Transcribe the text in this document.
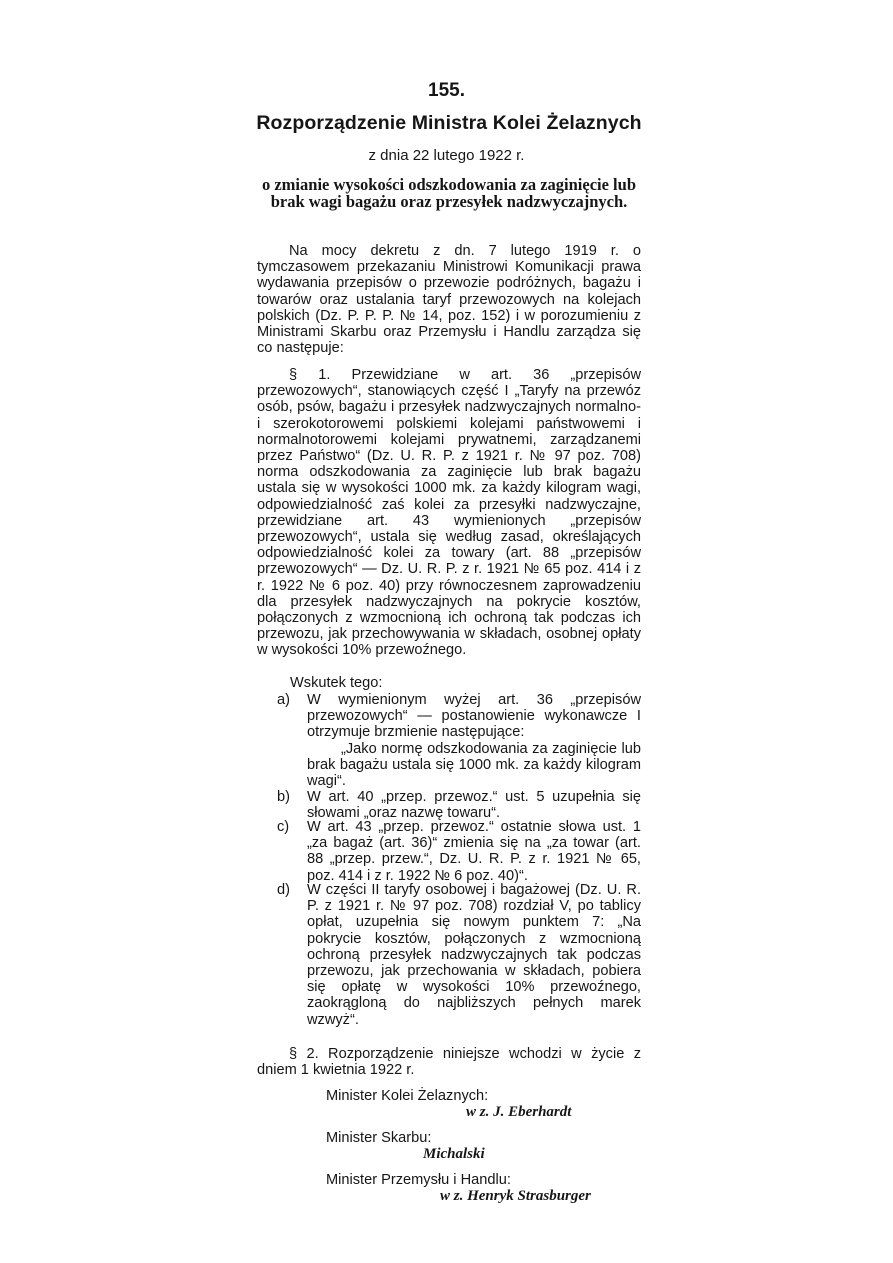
155.
Rozporządzenie Ministra Kolei Żelaznych
z dnia 22 lutego 1922 r.
o zmianie wysokości odszkodowania za zaginięcie lub brak wagi bagażu oraz przesyłek nadzwyczajnych.

Na mocy dekretu z dn. 7 lutego 1919 r. o tymczasowem przekazaniu Ministrowi Komunikacji prawa wydawania przepisów o przewozie podróżnych, bagażu i towarów oraz ustalania taryf przewozowych na kolejach polskich (Dz. P. P. P. № 14, poz. 152) i w porozumieniu z Ministrami Skarbu oraz Przemysłu i Handlu zarządza się co następuje:

§ 1. Przewidziane w art. 36 „przepisów przewozowych“, stanowiących część I „Taryfy na przewóz osób, psów, bagażu i przesyłek nadzwyczajnych normalno- i szerokotorowemi polskiemi kolejami państwowemi i normalnotorowemi kolejami prywatnemi, zarządzanemi przez Państwo“ (Dz. U. R. P. z 1921 r. № 97 poz. 708) norma odszkodowania za zaginięcie lub brak bagażu ustala się w wysokości 1000 mk. za każdy kilogram wagi, odpowiedzialność zaś kolei za przesyłki nadzwyczajne, przewidziane art. 43 wymienionych „przepisów przewozowych“, ustala się według zasad, określających odpowiedzialność kolei za towary (art. 88 „przepisów przewozowych“ — Dz. U. R. P. z r. 1921 № 65 poz. 414 i z r. 1922 № 6 poz. 40) przy równoczesnem zaprowadzeniu dla przesyłek nadzwyczajnych na pokrycie kosztów, połączonych z wzmocnioną ich ochroną tak podczas ich przewozu, jak przechowywania w składach, osobnej opłaty w wysokości 10% przewoźnego.

Wskutek tego:
a) W wymienionym wyżej art. 36 „przepisów przewozowych“ — postanowienie wykonawcze I otrzymuje brzmienie następujące:
„Jako normę odszkodowania za zaginięcie lub brak bagażu ustala się 1000 mk. za każdy kilogram wagi“.
b) W art. 40 „przep. przewoz.“ ust. 5 uzupełnia się słowami „oraz nazwę towaru“.
c) W art. 43 „przep. przewoz.“ ostatnie słowa ust. 1 „za bagaż (art. 36)“ zmienia się na „za towar (art. 88 „przep. przew.“, Dz. U. R. P. z r. 1921 № 65, poz. 414 i z r. 1922 № 6 poz. 40)“.
d) W części II taryfy osobowej i bagażowej (Dz. U. R. P. z 1921 r. № 97 poz. 708) rozdział V, po tablicy opłat, uzupełnia się nowym punktem 7: „Na pokrycie kosztów, połączonych z wzmocnioną ochroną przesyłek nadzwyczajnych tak podczas przewozu, jak przechowania w składach, pobiera się opłatę w wysokości 10% przewoźnego, zaokrągloną do najbliższych pełnych marek wzwyż“.

§ 2. Rozporządzenie niniejsze wchodzi w życie z dniem 1 kwietnia 1922 r.

Minister Kolei Żelaznych:
w z. J. Eberhardt
Minister Skarbu:
Michalski
Minister Przemysłu i Handlu:
w z. Henryk Strasburger
